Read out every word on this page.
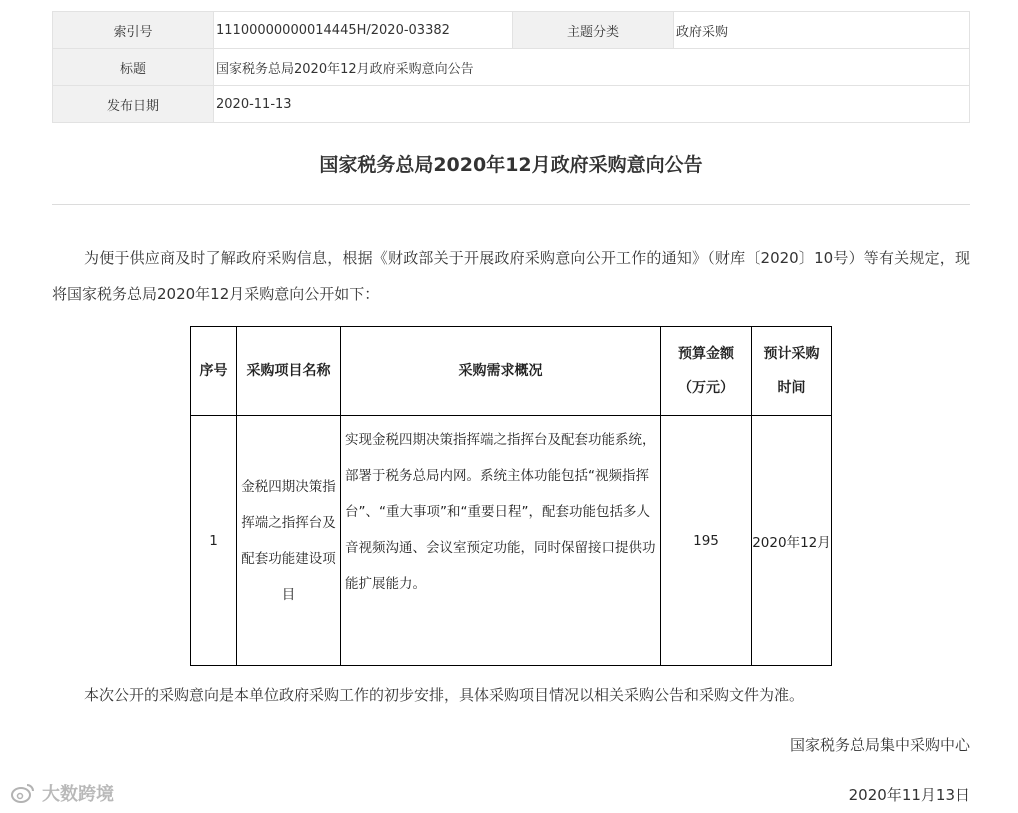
索引号	11100000000014445H/2020-03382	主题分类	政府采购
标题	国家税务总局2020年12月政府采购意向公告		
发布日期	2020-11-13		
国家税务总局2020年12月政府采购意向公告

为便于供应商及时了解政府采购信息，根据《财政部关于开展政府采购意向公开工作的通知》（财库〔2020〕10号）等有关规定，现将国家税务总局2020年12月采购意向公开如下：

序号	采购项目名称	采购需求概况	预算金额（万元）	预计采购时间
1	金税四期决策指挥端之指挥台及配套功能建设项目	实现金税四期决策指挥端之指挥台及配套功能系统，部署于税务总局内网。系统主体功能包括“视频指挥台”、“重大事项”和“重要日程”，配套功能包括多人音视频沟通、会议室预定功能，同时保留接口提供功能扩展能力。	195	2020年12月

本次公开的采购意向是本单位政府采购工作的初步安排，具体采购项目情况以相关采购公告和采购文件为准。

国家税务总局集中采购中心

2020年11月13日

大数跨境
